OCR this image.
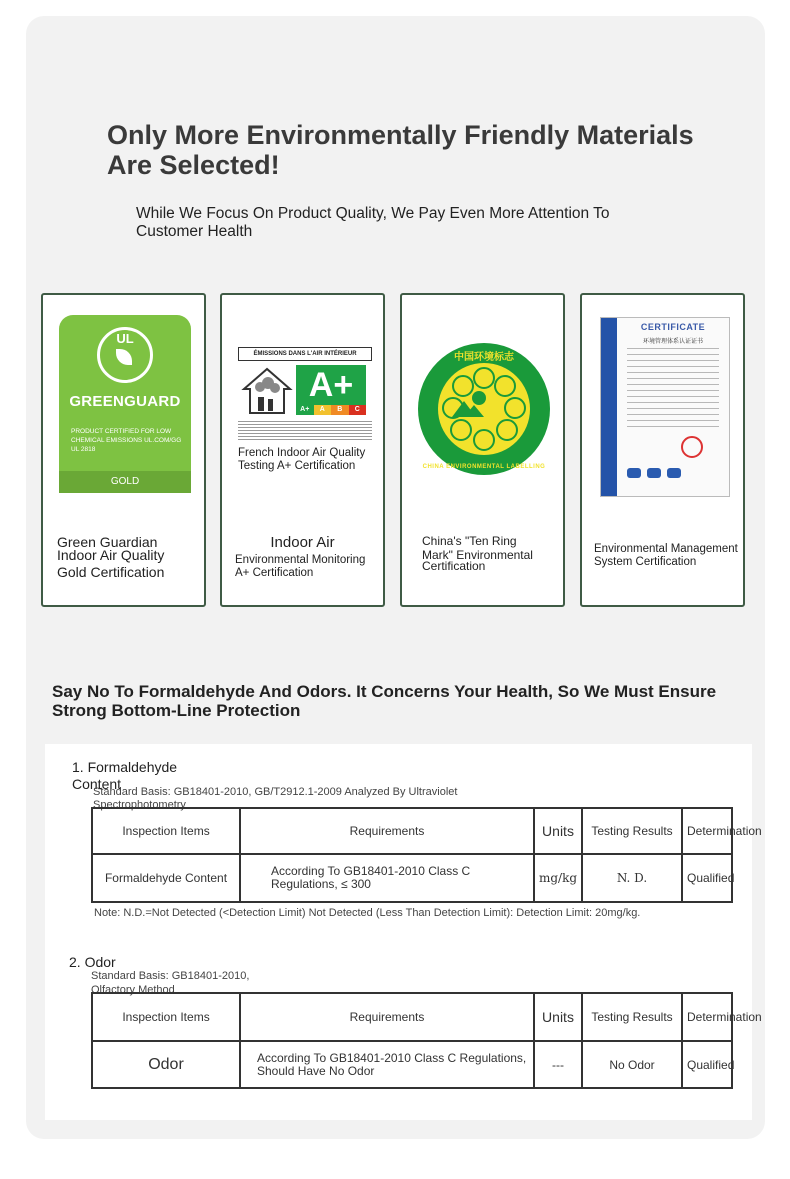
Only More Environmentally Friendly Materials Are Selected!

While We Focus On Product Quality, We Pay Even More Attention To Customer Health

UL
GREENGUARD
PRODUCT CERTIFIED FOR LOW CHEMICAL EMISSIONS UL.COM/GG UL 2818
GOLD
Green Guardian
Indoor Air Quality
Gold Certification
ÉMISSIONS DANS L'AIR INTÉRIEUR
A+
A+	A	B	C
French Indoor Air Quality Testing A+ Certification
Indoor Air
Environmental Monitoring
A+ Certification
中国环境标志
CHINA ENVIRONMENTAL LABELLING
China's "Ten Ring
Mark" Environmental
Certification
CERTIFICATE
环境管理体系认证证书
Environmental Management
System Certification
Say No To Formaldehyde And Odors. It Concerns Your Health, So We Must Ensure Strong Bottom-Line Protection
1. Formaldehyde
Content
Standard Basis: GB18401-2010, GB/T2912.1-2009 Analyzed By Ultraviolet
Spectrophotometry
Inspection Items	Requirements	Units	Testing Results	Determination
Formaldehyde Content	According To GB18401-2010 Class C Regulations, ≤ 300	mg/kg	N. D.	Qualified
Note: N.D.=Not Detected (<Detection Limit) Not Detected (Less Than Detection Limit): Detection Limit: 20mg/kg.
2. Odor
Standard Basis: GB18401-2010,
Olfactory Method
Inspection Items	Requirements	Units	Testing Results	Determination
Odor	According To GB18401-2010 Class C Regulations, Should Have No Odor	---	No Odor	Qualified
